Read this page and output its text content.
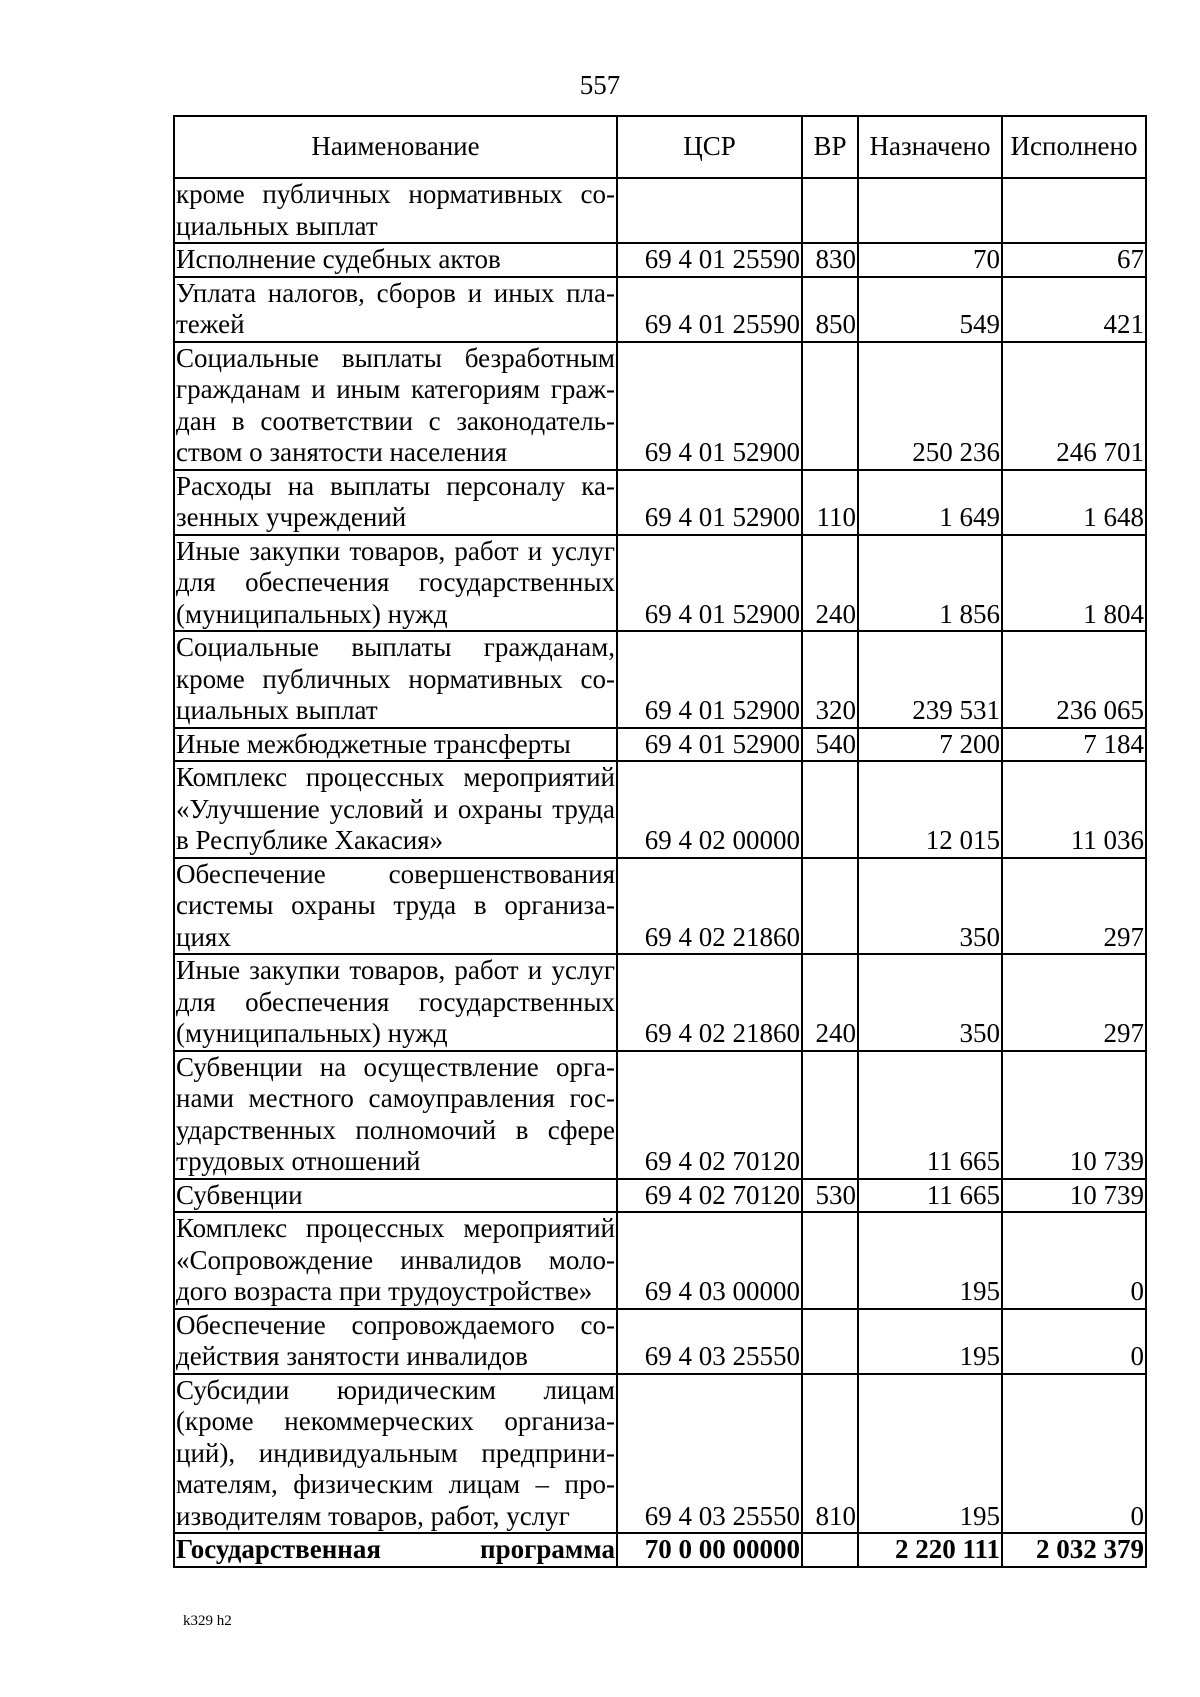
557
Наименование	ЦСР	ВР	Назначено	Исполнено
кроме публичных нормативных социальных выплат				
Исполнение судебных актов	69 4 01 25590	830	70	67
Уплата налогов, сборов и иных платежей	69 4 01 25590	850	549	421
Социальные выплаты безработным гражданам и иным категориям граждан в соответствии с законодательством о занятости населения	69 4 01 52900		250 236	246 701
Расходы на выплаты персоналу казенных учреждений	69 4 01 52900	110	1 649	1 648
Иные закупки товаров, работ и услуг для обеспечения государственных (муниципальных) нужд	69 4 01 52900	240	1 856	1 804
Социальные выплаты гражданам, кроме публичных нормативных социальных выплат	69 4 01 52900	320	239 531	236 065
Иные межбюджетные трансферты	69 4 01 52900	540	7 200	7 184
Комплекс процессных мероприятий «Улучшение условий и охраны труда в Республике Хакасия»	69 4 02 00000		12 015	11 036
Обеспечение совершенствования системы охраны труда в организациях	69 4 02 21860		350	297
Иные закупки товаров, работ и услуг для обеспечения государственных (муниципальных) нужд	69 4 02 21860	240	350	297
Субвенции на осуществление органами местного самоуправления государственных полномочий в сфере трудовых отношений	69 4 02 70120		11 665	10 739
Субвенции	69 4 02 70120	530	11 665	10 739
Комплекс процессных мероприятий «Сопровождение инвалидов молодого возраста при трудоустройстве»	69 4 03 00000		195	0
Обеспечение сопровождаемого содействия занятости инвалидов	69 4 03 25550		195	0
Субсидии юридическим лицам (кроме некоммерческих организаций), индивидуальным предпринимателям, физическим лицам – производителям товаров, работ, услуг	69 4 03 25550	810	195	0
Государственная программа	70 0 00 00000		2 220 111	2 032 379
k329 h2
